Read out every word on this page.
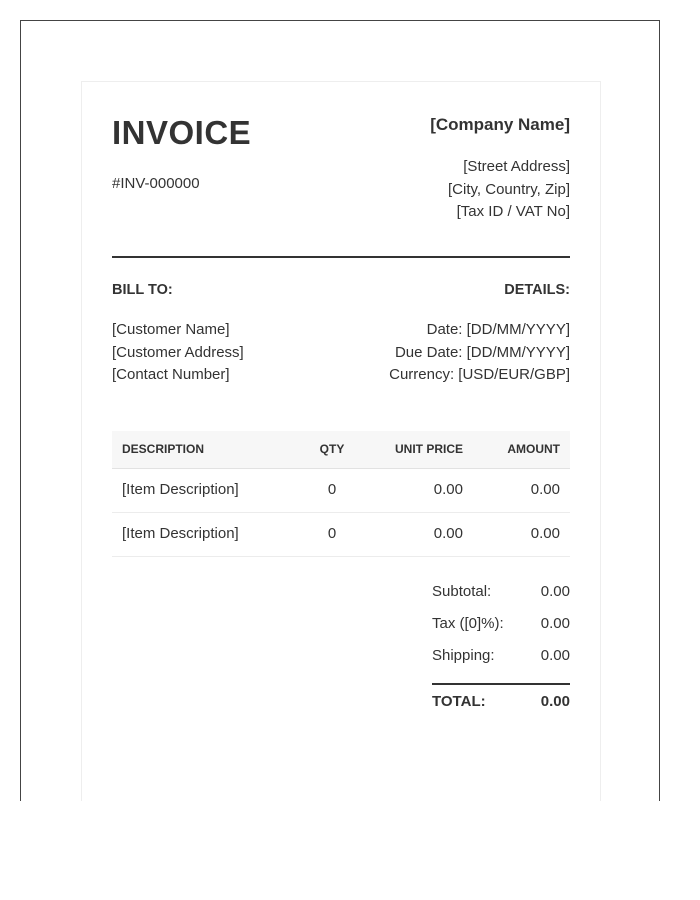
INVOICE
#INV-000000
[Company Name]
[Street Address]
[City, Country, Zip]
[Tax ID / VAT No]
BILL TO:	DETAILS:
[Customer Name]
[Customer Address]
[Contact Number]
Date: [DD/MM/YYYY]
Due Date: [DD/MM/YYYY]
Currency: [USD/EUR/GBP]
DESCRIPTION	QTY	UNIT PRICE	AMOUNT
[Item Description]	0	0.00	0.00
[Item Description]	0	0.00	0.00
Subtotal:	0.00
Tax ([0]%): 0.00
Shipping:	0.00
TOTAL:	0.00
